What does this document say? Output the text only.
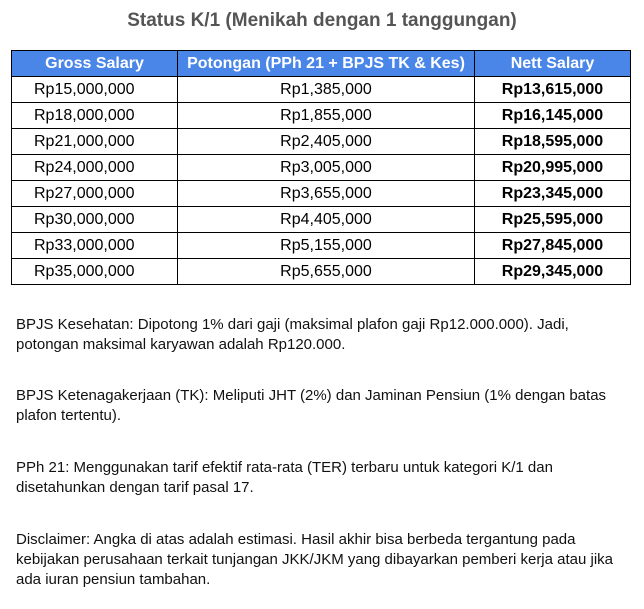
Status K/1 (Menikah dengan 1 tanggungan)
Gross Salary	Potongan (PPh 21 + BPJS TK & Kes)	Nett Salary
Rp15,000,000	Rp1,385,000	Rp13,615,000
Rp18,000,000	Rp1,855,000	Rp16,145,000
Rp21,000,000	Rp2,405,000	Rp18,595,000
Rp24,000,000	Rp3,005,000	Rp20,995,000
Rp27,000,000	Rp3,655,000	Rp23,345,000
Rp30,000,000	Rp4,405,000	Rp25,595,000
Rp33,000,000	Rp5,155,000	Rp27,845,000
Rp35,000,000	Rp5,655,000	Rp29,345,000

BPJS Kesehatan: Dipotong 1% dari gaji (maksimal plafon gaji Rp12.000.000). Jadi, potongan maksimal karyawan adalah Rp120.000.

BPJS Ketenagakerjaan (TK): Meliputi JHT (2%) dan Jaminan Pensiun (1% dengan batas plafon tertentu).

PPh 21: Menggunakan tarif efektif rata-rata (TER) terbaru untuk kategori K/1 dan disetahunkan dengan tarif pasal 17.

Disclaimer: Angka di atas adalah estimasi. Hasil akhir bisa berbeda tergantung pada kebijakan perusahaan terkait tunjangan JKK/JKM yang dibayarkan pemberi kerja atau jika ada iuran pensiun tambahan.
